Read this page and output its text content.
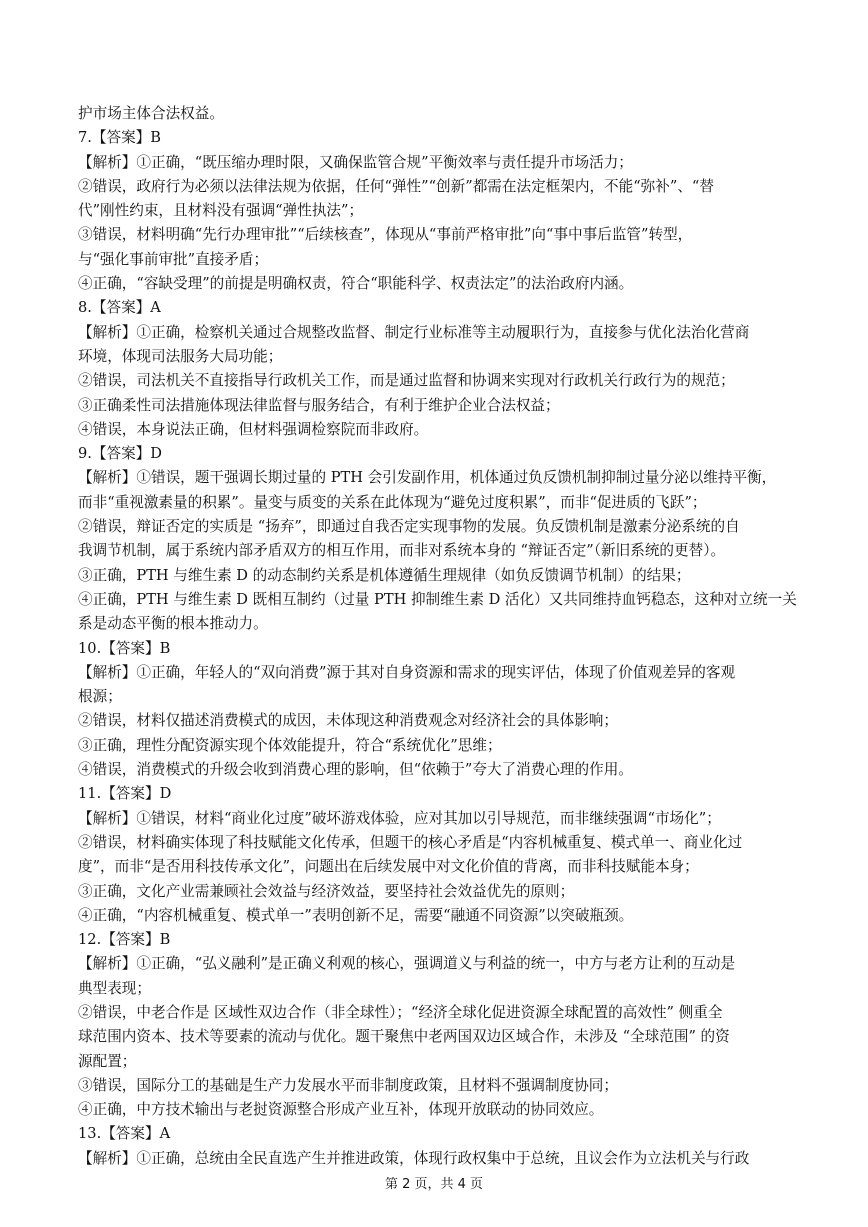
护市场主体合法权益。
7.【答案】B
【解析】①正确，“既压缩办理时限，又确保监管合规”平衡效率与责任提升市场活力；
②错误，政府行为必须以法律法规为依据，任何“弹性”“创新”都需在法定框架内，不能“弥补”、“替
代”刚性约束，且材料没有强调“弹性执法”；
③错误，材料明确“先行办理审批”“后续核查”，体现从“事前严格审批”向“事中事后监管”转型，
与“强化事前审批”直接矛盾；
④正确，“容缺受理”的前提是明确权责，符合“职能科学、权责法定”的法治政府内涵。
8.【答案】A
【解析】①正确，检察机关通过合规整改监督、制定行业标准等主动履职行为，直接参与优化法治化营商
环境，体现司法服务大局功能；
②错误，司法机关不直接指导行政机关工作，而是通过监督和协调来实现对行政机关行政行为的规范；
③正确柔性司法措施体现法律监督与服务结合，有利于维护企业合法权益；
④错误，本身说法正确，但材料强调检察院而非政府。
9.【答案】D
【解析】①错误，题干强调长期过量的 PTH 会引发副作用，机体通过负反馈机制抑制过量分泌以维持平衡，
而非“重视激素量的积累”。量变与质变的关系在此体现为“避免过度积累”，而非“促进质的飞跃”；
②错误，辩证否定的实质是 “扬弃”，即通过自我否定实现事物的发展。负反馈机制是激素分泌系统的自
我调节机制，属于系统内部矛盾双方的相互作用，而非对系统本身的 “辩证否定”（新旧系统的更替）。
③正确，PTH 与维生素 D 的动态制约关系是机体遵循生理规律（如负反馈调节机制）的结果；
④正确，PTH 与维生素 D 既相互制约（过量 PTH 抑制维生素 D 活化）又共同维持血钙稳态，这种对立统一关
系是动态平衡的根本推动力。
10.【答案】B
【解析】①正确，年轻人的“双向消费”源于其对自身资源和需求的现实评估，体现了价值观差异的客观
根源；
②错误，材料仅描述消费模式的成因，未体现这种消费观念对经济社会的具体影响；
③正确，理性分配资源实现个体效能提升，符合“系统优化”思维；
④错误，消费模式的升级会收到消费心理的影响，但“依赖于”夸大了消费心理的作用。
11.【答案】D
【解析】①错误，材料“商业化过度”破坏游戏体验，应对其加以引导规范，而非继续强调“市场化”；
②错误，材料确实体现了科技赋能文化传承，但题干的核心矛盾是“内容机械重复、模式单一、商业化过
度”，而非“是否用科技传承文化”，问题出在后续发展中对文化价值的背离，而非科技赋能本身；
③正确，文化产业需兼顾社会效益与经济效益，要坚持社会效益优先的原则；
④正确，“内容机械重复、模式单一”表明创新不足，需要“融通不同资源”以突破瓶颈。
12.【答案】B
【解析】①正确，“弘义融利”是正确义利观的核心，强调道义与利益的统一，中方与老方让利的互动是
典型表现；
②错误，中老合作是 区域性双边合作（非全球性）；“经济全球化促进资源全球配置的高效性” 侧重全
球范围内资本、技术等要素的流动与优化。题干聚焦中老两国双边区域合作，未涉及 “全球范围” 的资
源配置；
③错误，国际分工的基础是生产力发展水平而非制度政策，且材料不强调制度协同；
④正确，中方技术输出与老挝资源整合形成产业互补，体现开放联动的协同效应。
13.【答案】A
【解析】①正确，总统由全民直选产生并推进政策，体现行政权集中于总统，且议会作为立法机关与行政
第 2 页，共 4 页
